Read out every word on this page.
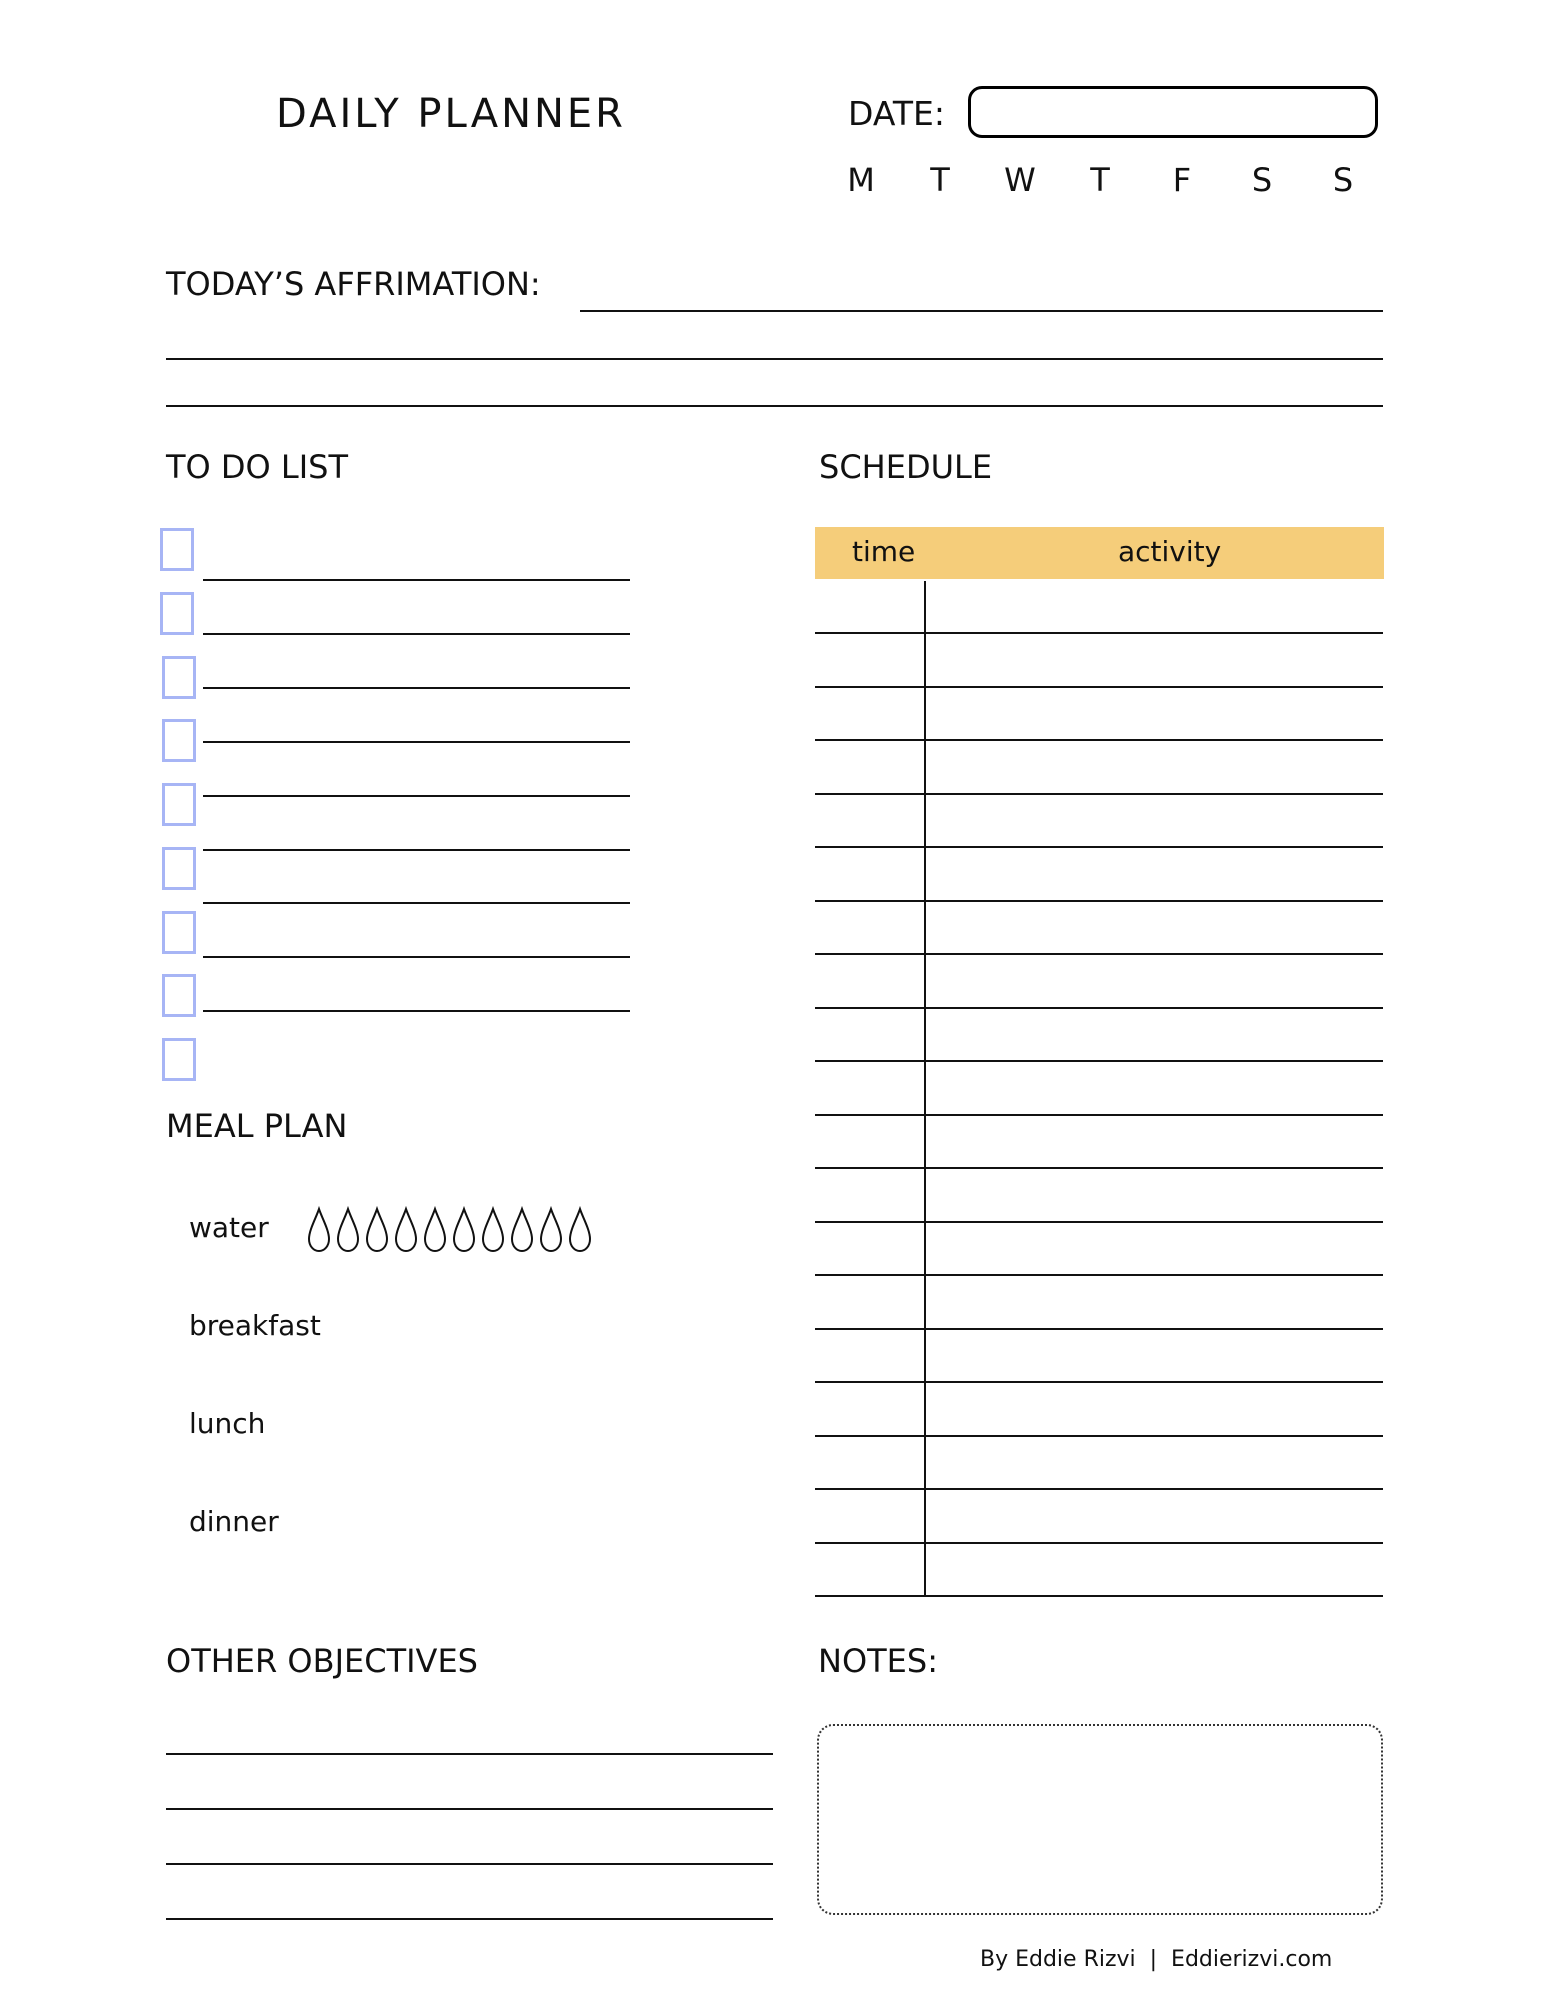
DAILY PLANNER	DATE:
M	T	W	T	F	S	S
TODAY’S AFFRIMATION:
TO DO LIST
MEAL PLAN
water
breakfast
lunch
dinner
SCHEDULE
time	activity
OTHER OBJECTIVES	NOTES:
By Eddie Rizvi  |  Eddierizvi.com
